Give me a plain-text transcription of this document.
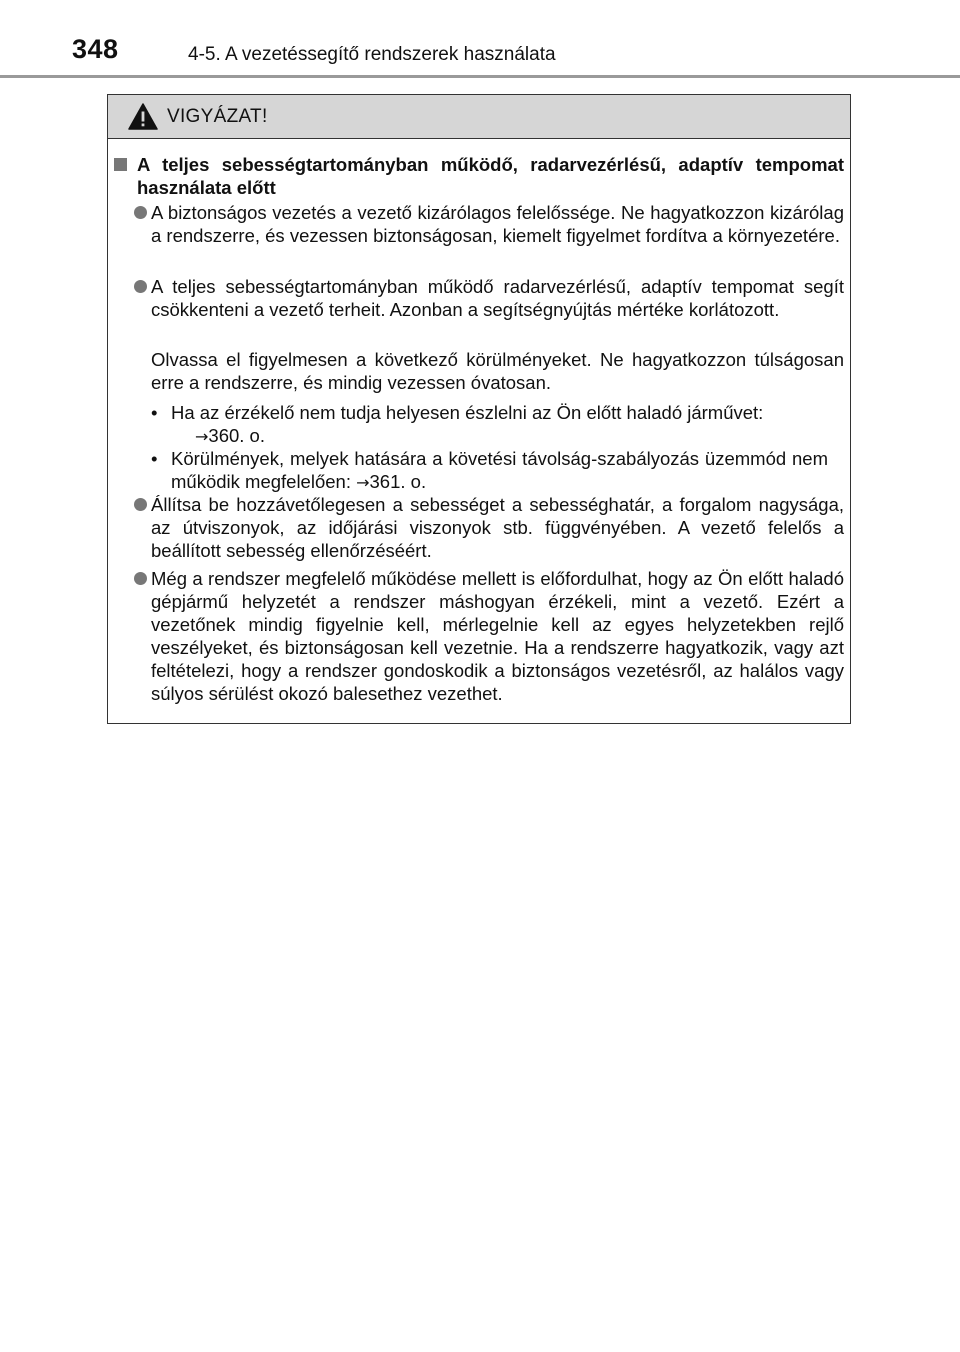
348	4-5. A vezetéssegítő rendszerek használata
VIGYÁZAT!
A teljes sebességtartományban működő, radarvezérlésű, adaptív tempomat használata előtt
A biztonságos vezetés a vezető kizárólagos felelőssége. Ne hagyatkozzon kizárólag a rendszerre, és vezessen biztonságosan, kiemelt figyelmet fordítva a környezetére.
A teljes sebességtartományban működő radarvezérlésű, adaptív tempomat segít csökkenteni a vezető terheit. Azonban a segítségnyújtás mértéke korlátozott.
Olvassa el figyelmesen a következő körülményeket. Ne hagyatkozzon túlságosan erre a rendszerre, és mindig vezessen óvatosan.
• Ha az érzékelő nem tudja helyesen észlelni az Ön előtt haladó járművet:
→360. o.
• Körülmények, melyek hatására a követési távolság-szabályozás üzemmód nem működik megfelelően: →361. o.
Állítsa be hozzávetőlegesen a sebességet a sebességhatár, a forgalom nagysága, az útviszonyok, az időjárási viszonyok stb. függvényében. A vezető felelős a beállított sebesség ellenőrzéséért.
Még a rendszer megfelelő működése mellett is előfordulhat, hogy az Ön előtt haladó gépjármű helyzetét a rendszer máshogyan érzékeli, mint a vezető. Ezért a vezetőnek mindig figyelnie kell, mérlegelnie kell az egyes helyzetekben rejlő veszélyeket, és biztonságosan kell vezetnie. Ha a rendszerre hagyatkozik, vagy azt feltételezi, hogy a rendszer gondoskodik a biztonságos vezetésről, az halálos vagy súlyos sérülést okozó balesethez vezethet.
